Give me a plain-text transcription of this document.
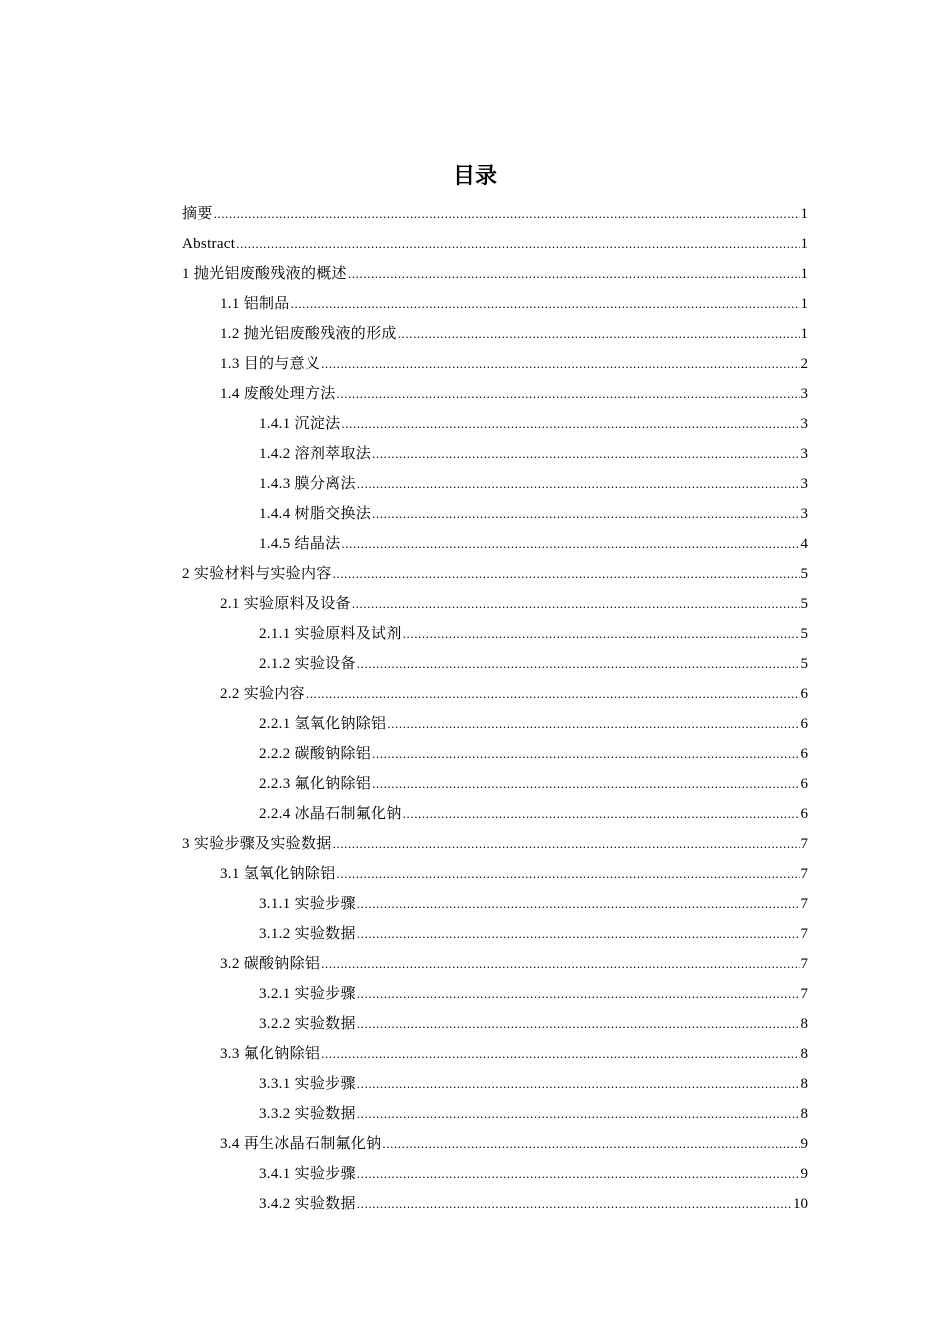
目录
摘要 .....	1
Abstract .....	1
1 抛光铝废酸残液的概述 .....	1
1.1 铝制品 .....	1
1.2 抛光铝废酸残液的形成 .....	1
1.3 目的与意义 .....	2
1.4 废酸处理方法 .....	3
1.4.1 沉淀法 .....	3
1.4.2 溶剂萃取法 .....	3
1.4.3 膜分离法 .....	3
1.4.4 树脂交换法 .....	3
1.4.5 结晶法 .....	4
2 实验材料与实验内容 .....	5
2.1 实验原料及设备 .....	5
2.1.1 实验原料及试剂 .....	5
2.1.2 实验设备 .....	5
2.2 实验内容 .....	6
2.2.1 氢氧化钠除铝 .....	6
2.2.2 碳酸钠除铝 .....	6
2.2.3 氟化钠除铝 .....	6
2.2.4 冰晶石制氟化钠 .....	6
3 实验步骤及实验数据 .....	7
3.1 氢氧化钠除铝 .....	7
3.1.1 实验步骤 .....	7
3.1.2 实验数据 .....	7
3.2 碳酸钠除铝 .....	7
3.2.1 实验步骤 .....	7
3.2.2 实验数据 .....	8
3.3 氟化钠除铝 .....	8
3.3.1 实验步骤 .....	8
3.3.2 实验数据 .....	8
3.4 再生冰晶石制氟化钠 .....	9
3.4.1 实验步骤 .....	9
3.4.2 实验数据 .....	10
